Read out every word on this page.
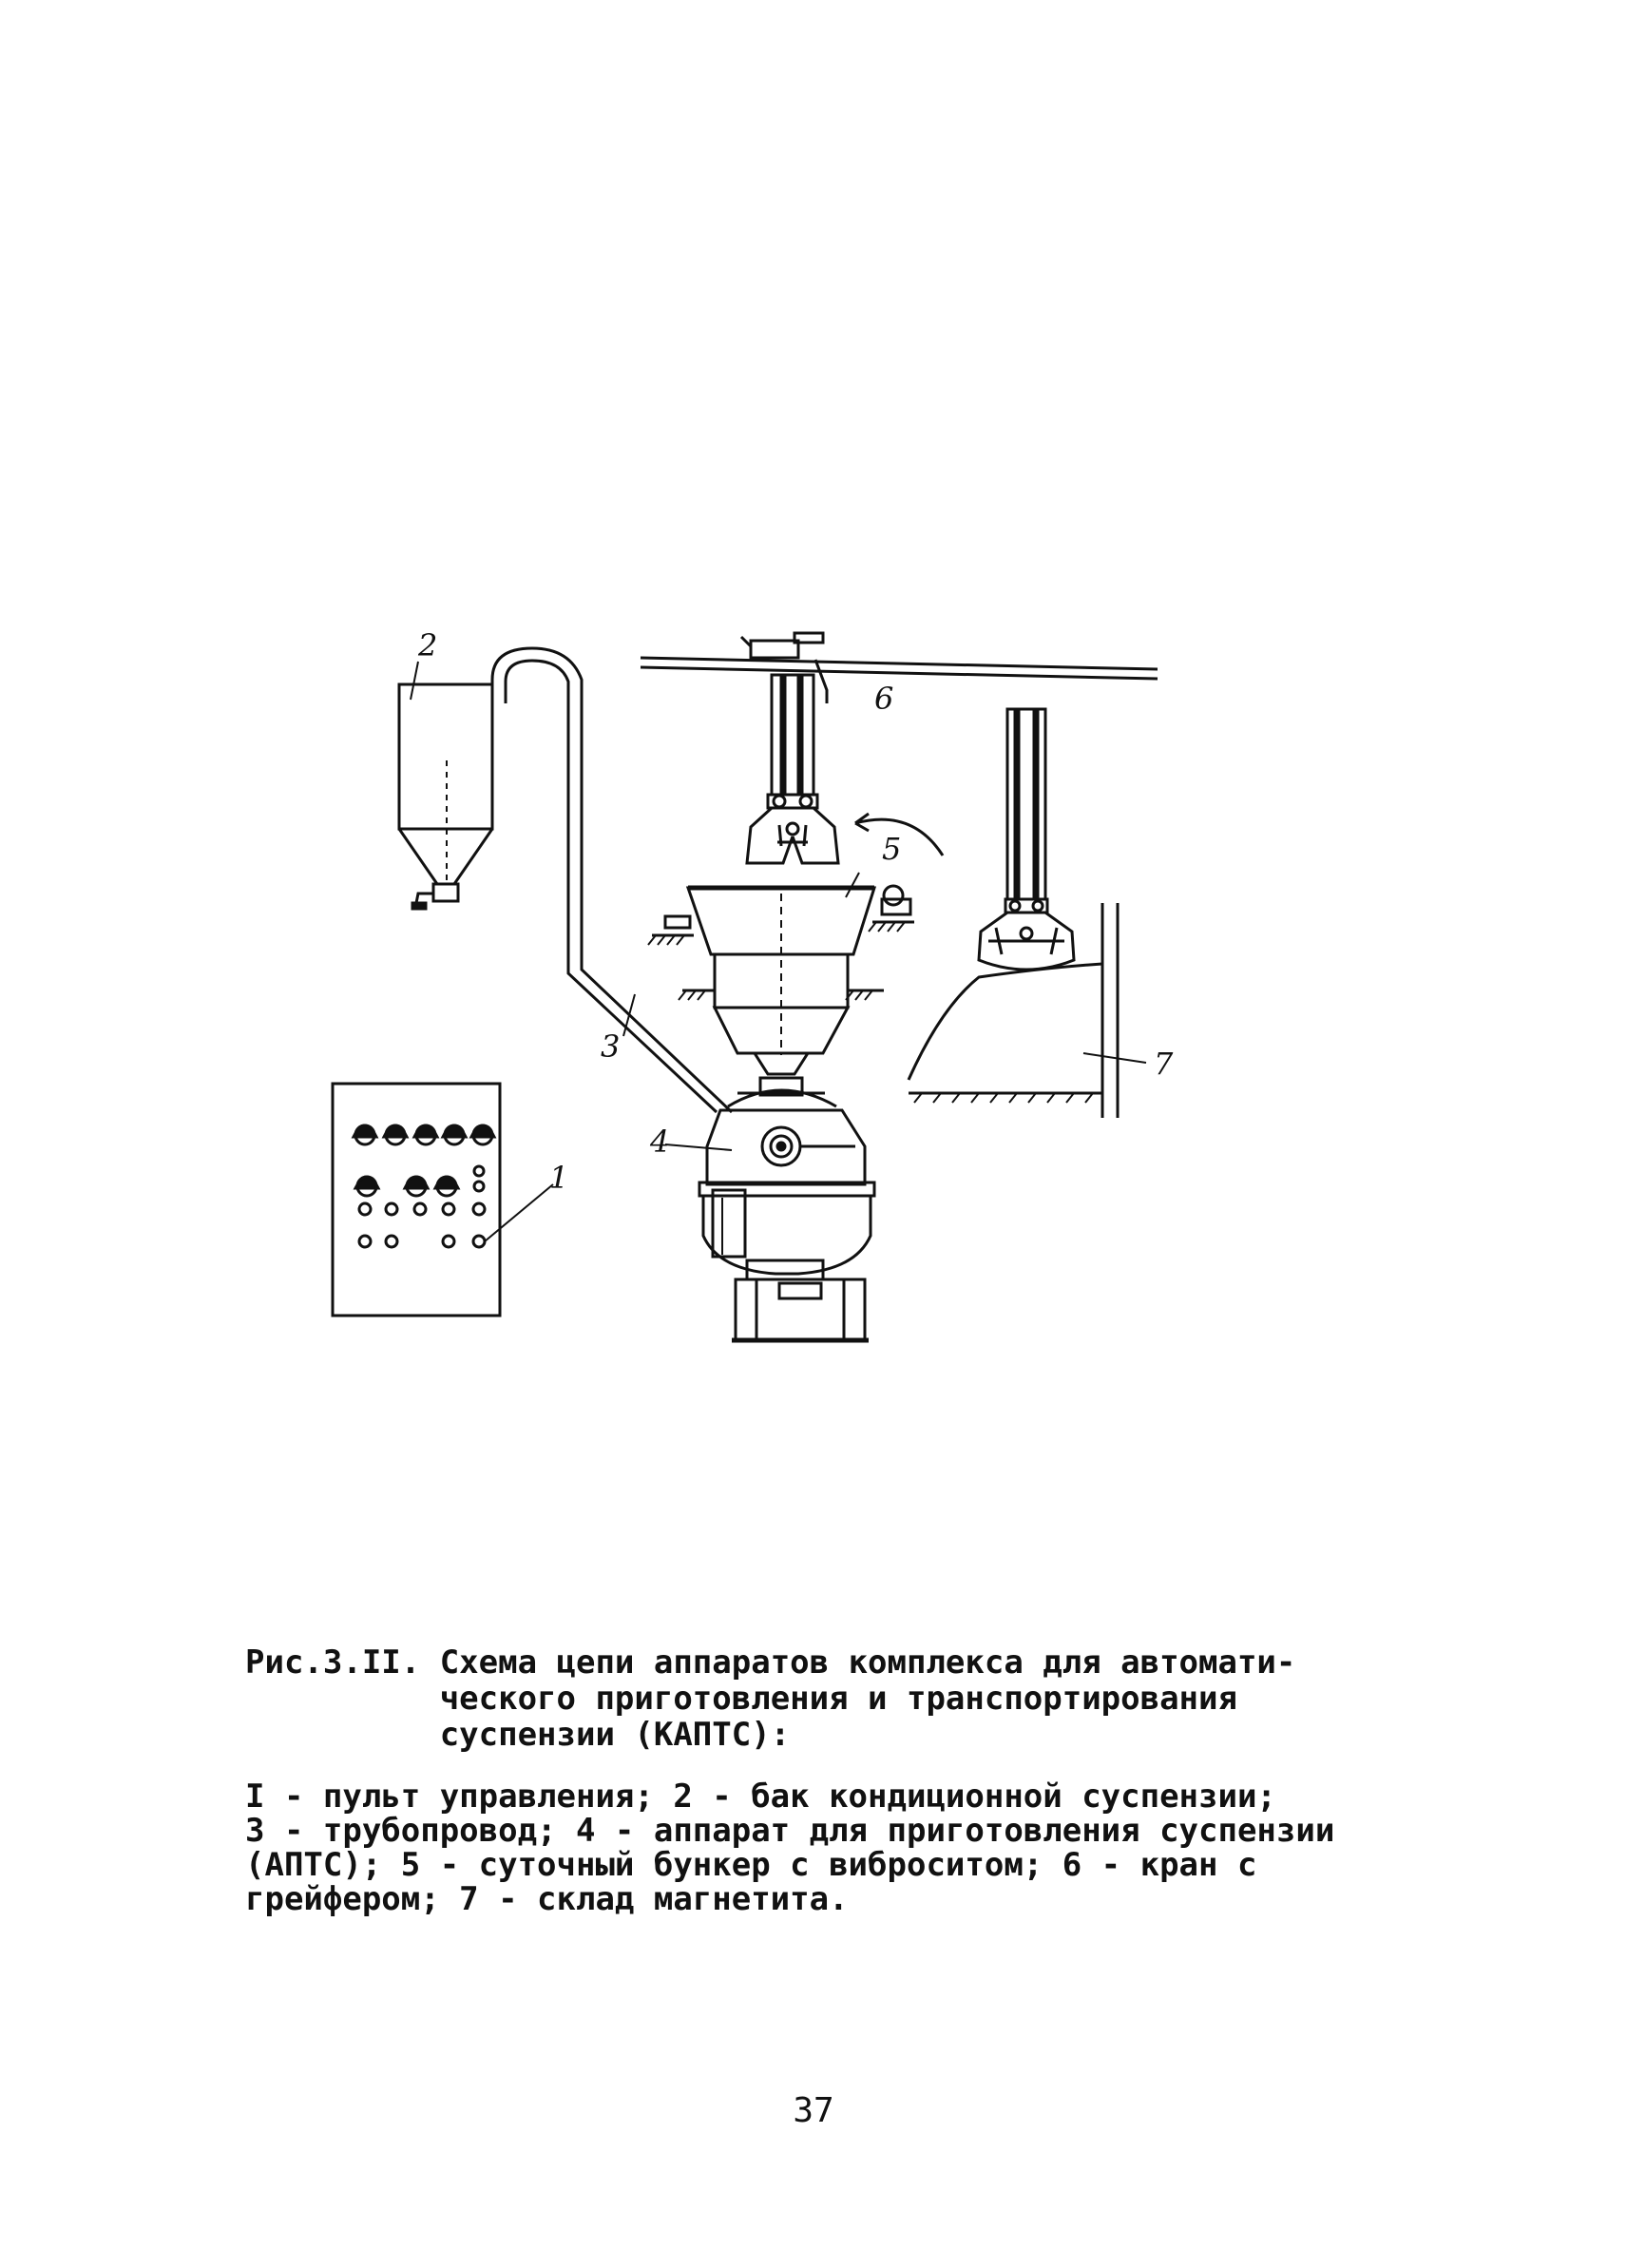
2
6
5
3
4
7
1
Рис.3.II. Схема цепи аппаратов комплекса для автомати-
ческого приготовления и транспортирования
суспензии (КАПТС):
I - пульт управления; 2 - бак кондиционной суспензии;
3 - трубопровод; 4 - аппарат для приготовления суспензии
(АПТС); 5 - суточный бункер с виброситом; 6 - кран с
грейфером; 7 - склад магнетита.
37
